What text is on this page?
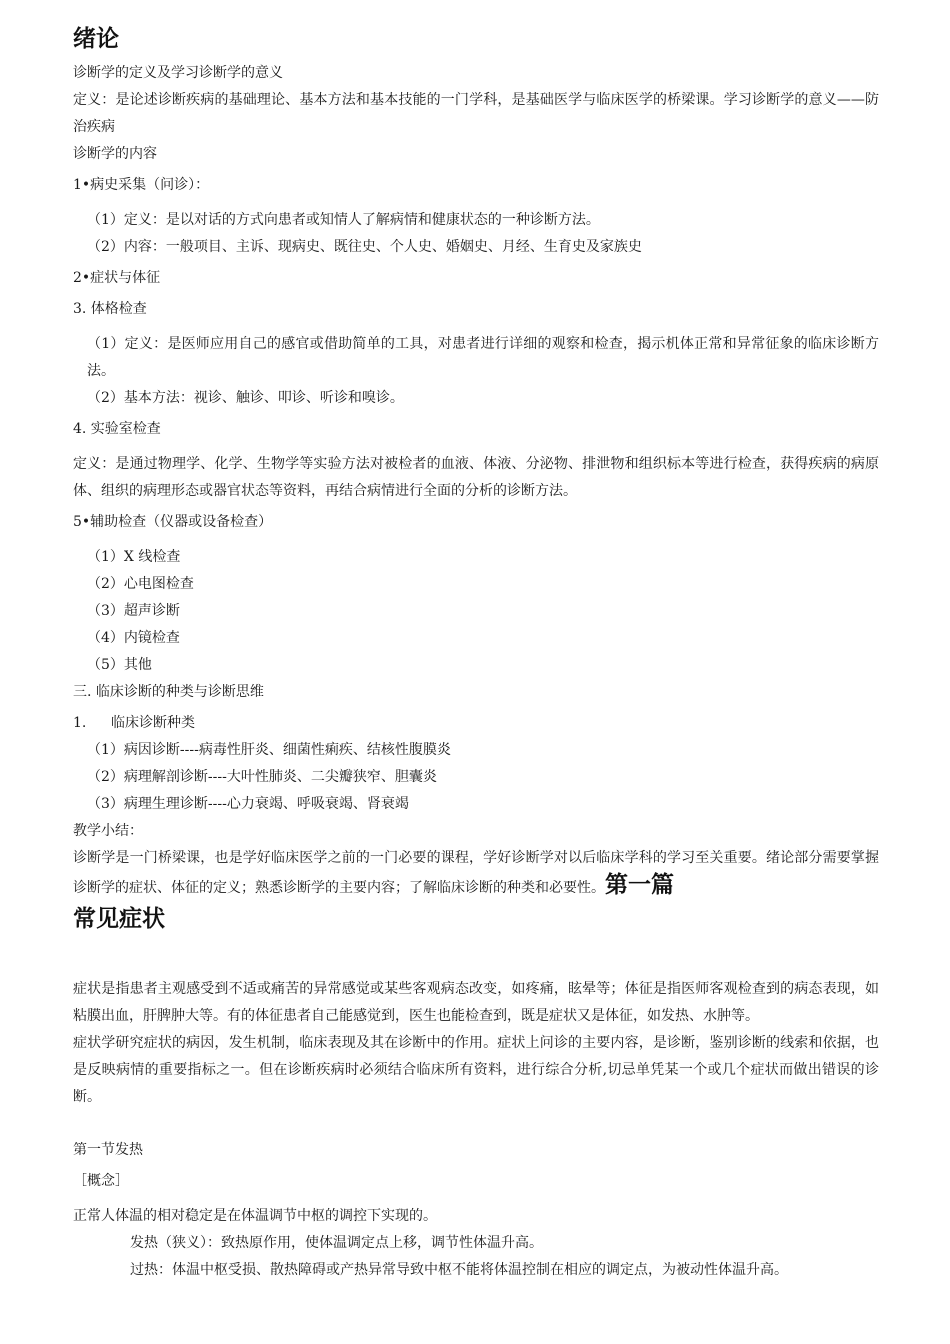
绪论

诊断学的定义及学习诊断学的意义

定义：是论述诊断疾病的基础理论、基本方法和基本技能的一门学科，是基础医学与临床医学的桥梁课。学习诊断学的意义——防治疾病

诊断学的内容

1•病史采集（问诊）：

（1）定义：是以对话的方式向患者或知情人了解病情和健康状态的一种诊断方法。

（2）内容：一般项目、主诉、现病史、既往史、个人史、婚姻史、月经、生育史及家族史

2•症状与体征

3. 体格检查

（1）定义：是医师应用自己的感官或借助简单的工具，对患者进行详细的观察和检查，揭示机体正常和异常征象的临床诊断方法。

（2）基本方法：视诊、触诊、叩诊、听诊和嗅诊。

4. 实验室检查

定义：是通过物理学、化学、生物学等实验方法对被检者的血液、体液、分泌物、排泄物和组织标本等进行检查，获得疾病的病原体、组织的病理形态或器官状态等资料，再结合病情进行全面的分析的诊断方法。

5•辅助检查（仪器或设备检查）

（1）X 线检查

（2）心电图检查

（3）超声诊断

（4）内镜检查

（5）其他

三. 临床诊断的种类与诊断思维

1. 临床诊断种类

（1）病因诊断----病毒性肝炎、细菌性痢疾、结核性腹膜炎

（2）病理解剖诊断----大叶性肺炎、二尖瓣狭窄、胆囊炎

（3）病理生理诊断----心力衰竭、呼吸衰竭、肾衰竭

教学小结：

诊断学是一门桥梁课，也是学好临床医学之前的一门必要的课程，学好诊断学对以后临床学科的学习至关重要。绪论部分需要掌握诊断学的症状、体征的定义；熟悉诊断学的主要内容；了解临床诊断的种类和必要性。第一篇

常见症状

症状是指患者主观感受到不适或痛苦的异常感觉或某些客观病态改变，如疼痛，眩晕等；体征是指医师客观检查到的病态表现，如粘膜出血，肝脾肿大等。有的体征患者自己能感觉到，医生也能检查到，既是症状又是体征，如发热、水肿等。

症状学研究症状的病因，发生机制，临床表现及其在诊断中的作用。症状上问诊的主要内容，是诊断，鉴别诊断的线索和依据，也是反映病情的重要指标之一。但在诊断疾病时必须结合临床所有资料，进行综合分析,切忌单凭某一个或几个症状而做出错误的诊断。

第一节发热

［概念］

正常人体温的相对稳定是在体温调节中枢的调控下实现的。

发热（狭义）：致热原作用，使体温调定点上移，调节性体温升高。

过热：体温中枢受损、散热障碍或产热异常导致中枢不能将体温控制在相应的调定点，为被动性体温升高。
